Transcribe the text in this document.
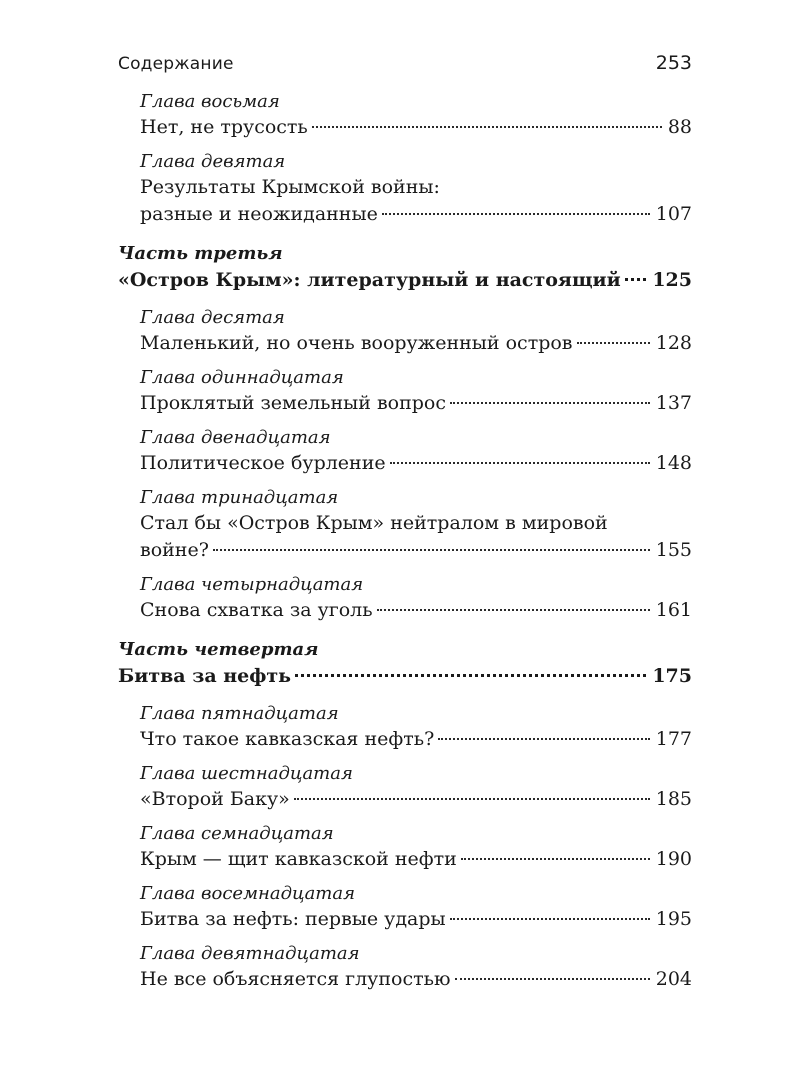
Содержание	253
Глава восьмая
Нет, не трусость	88
Глава девятая
Результаты Крымской войны:
разные и неожиданные	107
Часть третья
«Остров Крым»: литературный и настоящий 125
Глава десятая
Маленький, но очень вооруженный остров	128
Глава одиннадцатая
Проклятый земельный вопрос	137
Глава двенадцатая
Политическое бурление	148
Глава тринадцатая
Стал бы «Остров Крым» нейтралом в мировой
войне?	155
Глава четырнадцатая
Снова схватка за уголь	161
Часть четвертая
Битва за нефть	175
Глава пятнадцатая
Что такое кавказская нефть?	177
Глава шестнадцатая
«Второй Баку»	185
Глава семнадцатая
Крым — щит кавказской нефти	190
Глава восемнадцатая
Битва за нефть: первые удары	195
Глава девятнадцатая
Не все объясняется глупостью	204
